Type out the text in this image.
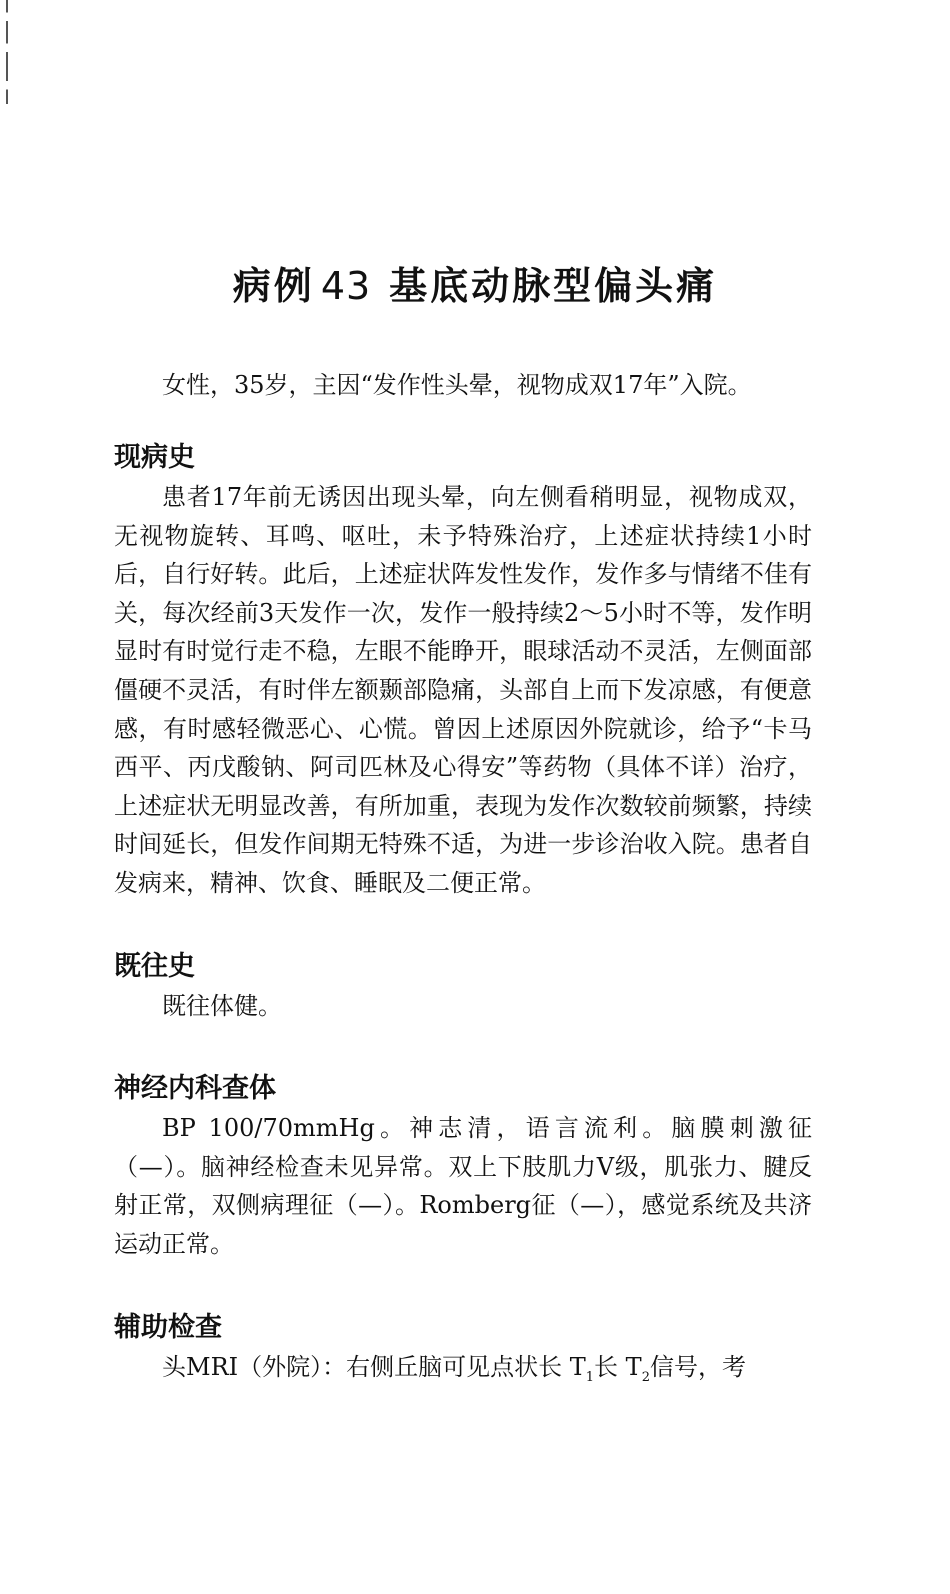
病例 43 基底动脉型偏头痛

女性，35岁，主因“发作性头晕，视物成双17年”入院。

现病史

患者17年前无诱因出现头晕，向左侧看稍明显，视物成双，无视物旋转、耳鸣、呕吐，未予特殊治疗，上述症状持续1小时后，自行好转。此后，上述症状阵发性发作，发作多与情绪不佳有关，每次经前3天发作一次，发作一般持续2～5小时不等，发作明显时有时觉行走不稳，左眼不能睁开，眼球活动不灵活，左侧面部僵硬不灵活，有时伴左额颞部隐痛，头部自上而下发凉感，有便意感，有时感轻微恶心、心慌。曾因上述原因外院就诊，给予“卡马西平、丙戊酸钠、阿司匹林及心得安”等药物（具体不详）治疗，上述症状无明显改善，有所加重，表现为发作次数较前频繁，持续时间延长，但发作间期无特殊不适，为进一步诊治收入院。患者自发病来，精神、饮食、睡眠及二便正常。

既往史

既往体健。

神经内科查体

BP 100/70mmHg。神志清，语言流利。脑膜刺激征（—）。脑神经检查未见异常。双上下肢肌力Ⅴ级，肌张力、腱反射正常，双侧病理征（—）。Romberg征（—），感觉系统及共济运动正常。

辅助检查

头MRI（外院）：右侧丘脑可见点状长 $T_1$长 $T_2$信号，考
